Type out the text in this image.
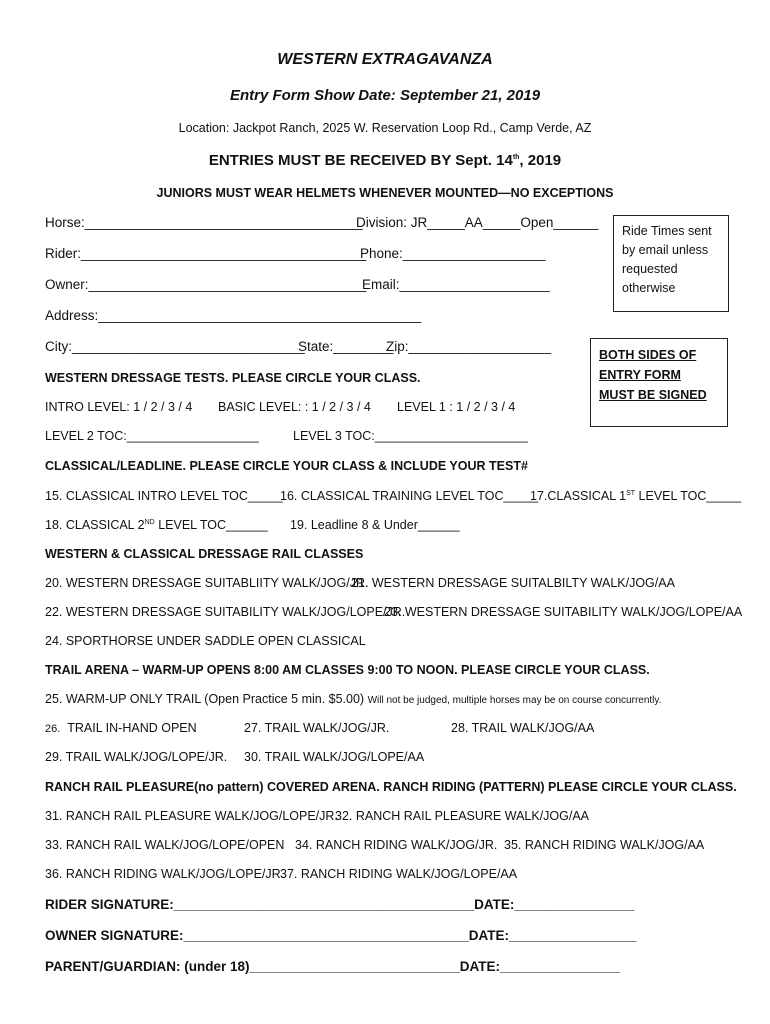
WESTERN EXTRAGAVANZA
Entry Form Show Date: September 21, 2019
Location: Jackpot Ranch, 2025 W. Reservation Loop Rd., Camp Verde, AZ
ENTRIES MUST BE RECEIVED BY Sept. 14th, 2019
JUNIORS MUST WEAR HELMETS WHENEVER MOUNTED—NO EXCEPTIONS
Horse:_____________________________________
Division: JR_____AA_____Open______
Rider:______________________________________
Phone:___________________
Owner:_____________________________________
Email:____________________
Address:___________________________________________
City:_______________________________
State:________
Zip:___________________
Ride Times sent
by email unless
requested
otherwise
BOTH SIDES OF
ENTRY FORM
MUST BE SIGNED
WESTERN DRESSAGE TESTS. PLEASE CIRCLE YOUR CLASS.
INTRO LEVEL: 1 / 2 / 3 / 4 BASIC LEVEL: : 1 / 2 / 3 / 4 LEVEL 1 : 1 / 2 / 3 / 4
LEVEL 2 TOC:___________________	LEVEL 3 TOC:______________________
CLASSICAL/LEADLINE. PLEASE CIRCLE YOUR CLASS & INCLUDE YOUR TEST#
15. CLASSICAL INTRO LEVEL TOC_____
16. CLASSICAL TRAINING LEVEL TOC_____
17.CLASSICAL 1ST LEVEL TOC_____
18. CLASSICAL 2ND LEVEL TOC______ 19. Leadline 8 & Under______
WESTERN & CLASSICAL DRESSAGE RAIL CLASSES
20. WESTERN DRESSAGE SUITABLIITY WALK/JOG/JR.
21. WESTERN DRESSAGE SUITALBILTY WALK/JOG/AA
22. WESTERN DRESSAGE SUITABILITY WALK/JOG/LOPE/JR.
23. WESTERN DRESSAGE SUITABILITY WALK/JOG/LOPE/AA
24. SPORTHORSE UNDER SADDLE OPEN CLASSICAL
TRAIL ARENA – WARM-UP OPENS 8:00 AM CLASSES 9:00 TO NOON. PLEASE CIRCLE YOUR CLASS.
25. WARM-UP ONLY TRAIL (Open Practice 5 min. $5.00) Will not be judged, multiple horses may be on course concurrently.
26. TRAIL IN-HAND OPEN	27. TRAIL WALK/JOG/JR.	28. TRAIL WALK/JOG/AA
29. TRAIL WALK/JOG/LOPE/JR. 30. TRAIL WALK/JOG/LOPE/AA
RANCH RAIL PLEASURE(no pattern) COVERED ARENA. RANCH RIDING (PATTERN) PLEASE CIRCLE YOUR CLASS.
31. RANCH RAIL PLEASURE WALK/JOG/LOPE/JR.
32. RANCH RAIL PLEASURE WALK/JOG/AA
33. RANCH RAIL WALK/JOG/LOPE/OPEN 34. RANCH RIDING WALK/JOG/JR. 35. RANCH RIDING WALK/JOG/AA
36. RANCH RIDING WALK/JOG/LOPE/JR.
37. RANCH RIDING WALK/JOG/LOPE/AA
RIDER SIGNATURE:________________________________________DATE:________________
OWNER SIGNATURE:______________________________________DATE:_________________
PARENT/GUARDIAN: (under 18)____________________________DATE:________________
